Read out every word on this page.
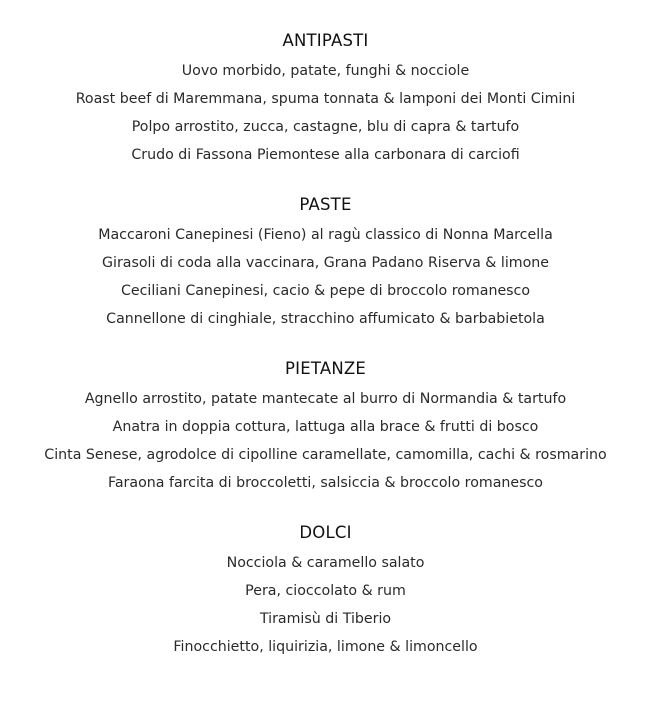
ANTIPASTI
Uovo morbido, patate, funghi & nocciole
Roast beef di Maremmana, spuma tonnata & lamponi dei Monti Cimini
Polpo arrostito, zucca, castagne, blu di capra & tartufo
Crudo di Fassona Piemontese alla carbonara di carciofi
PASTE
Maccaroni Canepinesi (Fieno) al ragù classico di Nonna Marcella
Girasoli di coda alla vaccinara, Grana Padano Riserva & limone
Ceciliani Canepinesi, cacio & pepe di broccolo romanesco
Cannellone di cinghiale, stracchino affumicato & barbabietola
PIETANZE
Agnello arrostito, patate mantecate al burro di Normandia & tartufo
Anatra in doppia cottura, lattuga alla brace & frutti di bosco
Cinta Senese, agrodolce di cipolline caramellate, camomilla, cachi & rosmarino
Faraona farcita di broccoletti, salsiccia & broccolo romanesco
DOLCI
Nocciola & caramello salato
Pera, cioccolato & rum
Tiramisù di Tiberio
Finocchietto, liquirizia, limone & limoncello
